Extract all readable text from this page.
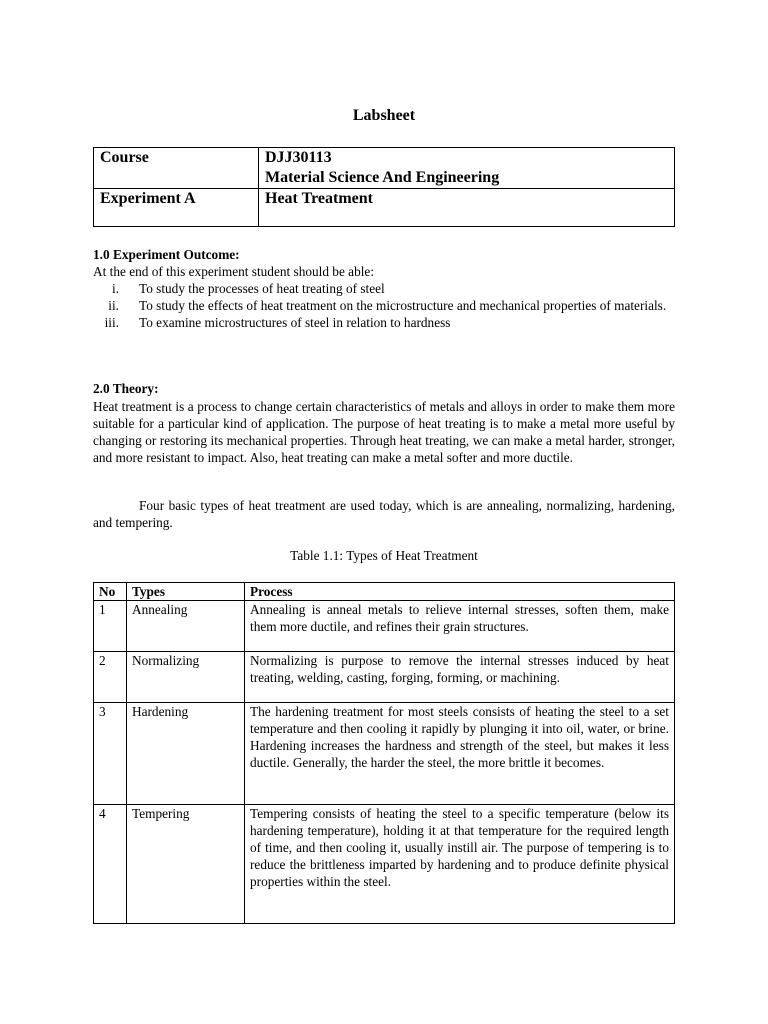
Labsheet
Course	DJJ30113
Material Science And Engineering

Experiment A	Heat Treatment
1.0 Experiment Outcome:
At the end of this experiment student should be able:
i. To study the processes of heat treating of steel
ii. To study the effects of heat treatment on the microstructure and mechanical properties of materials.
iii. To examine microstructures of steel in relation to hardness
2.0 Theory:
Heat treatment is a process to change certain characteristics of metals and alloys in order to make them more suitable for a particular kind of application. The purpose of heat treating is to make a metal more useful by changing or restoring its mechanical properties. Through heat treating, we can make a metal harder, stronger, and more resistant to impact. Also, heat treating can make a metal softer and more ductile.
Four basic types of heat treatment are used today, which is are annealing, normalizing, hardening, and tempering.
Table 1.1: Types of Heat Treatment
No	Types	Process
1	Annealing	Annealing is anneal metals to relieve internal stresses, soften them, make them more ductile, and refines their grain structures.
2	Normalizing	Normalizing is purpose to remove the internal stresses induced by heat treating, welding, casting, forging, forming, or machining.
3	Hardening	The hardening treatment for most steels consists of heating the steel to a set temperature and then cooling it rapidly by plunging it into oil, water, or brine. Hardening increases the hardness and strength of the steel, but makes it less ductile. Generally, the harder the steel, the more brittle it becomes.
4	Tempering	Tempering consists of heating the steel to a specific temperature (below its hardening temperature), holding it at that temperature for the required length of time, and then cooling it, usually instill air. The purpose of tempering is to reduce the brittleness imparted by hardening and to produce definite physical properties within the steel.
